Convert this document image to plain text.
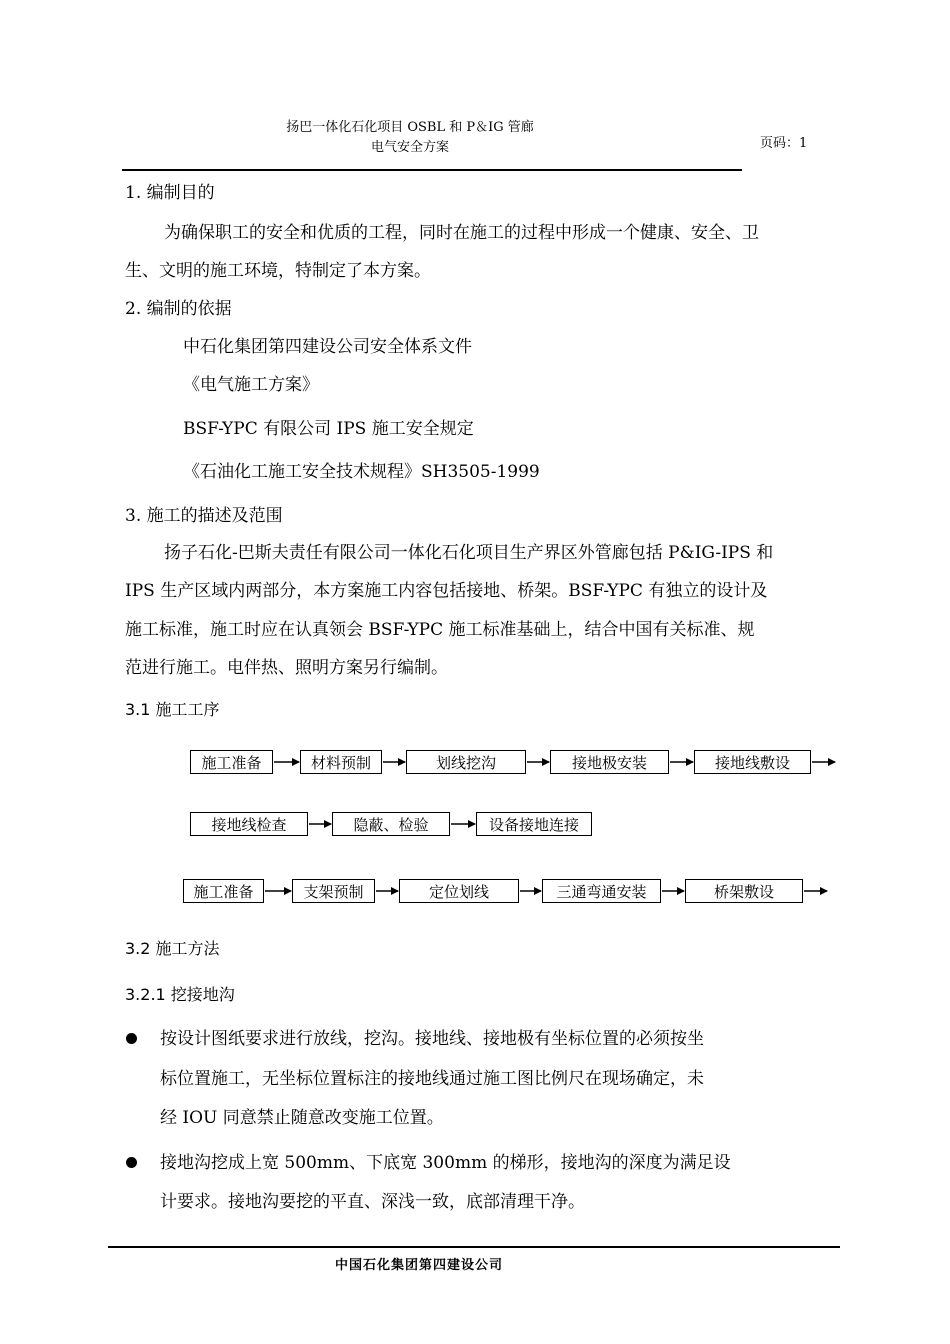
扬巴一体化石化项目 OSBL 和 P＆IG 管廊
电气安全方案	页码：1
1. 编制目的
为确保职工的安全和优质的工程，同时在施工的过程中形成一个健康、安全、卫
生、文明的施工环境，特制定了本方案。
2. 编制的依据
中石化集团第四建设公司安全体系文件
《电气施工方案》
BSF-YPC 有限公司 IPS 施工安全规定
《石油化工施工安全技术规程》SH3505-1999
3. 施工的描述及范围
扬子石化-巴斯夫责任有限公司一体化石化项目生产界区外管廊包括 P&IG-IPS 和
IPS 生产区域内两部分，本方案施工内容包括接地、桥架。BSF-YPC 有独立的设计及
施工标准，施工时应在认真领会 BSF-YPC 施工标准基础上，结合中国有关标准、规
范进行施工。电伴热、照明方案另行编制。
3.1 施工工序
施工准备	材料预制	划线挖沟	接地极安装	接地线敷设
接地线检查	隐蔽、检验	设备接地连接
施工准备	支架预制	定位划线	三通弯通安装	桥架敷设
3.2 施工方法
3.2.1 挖接地沟
按设计图纸要求进行放线，挖沟。接地线、接地极有坐标位置的必须按坐
标位置施工，无坐标位置标注的接地线通过施工图比例尺在现场确定，未
经 IOU 同意禁止随意改变施工位置。
接地沟挖成上宽 500mm、下底宽 300mm 的梯形，接地沟的深度为满足设
计要求。接地沟要挖的平直、深浅一致，底部清理干净。
中国石化集团第四建设公司
